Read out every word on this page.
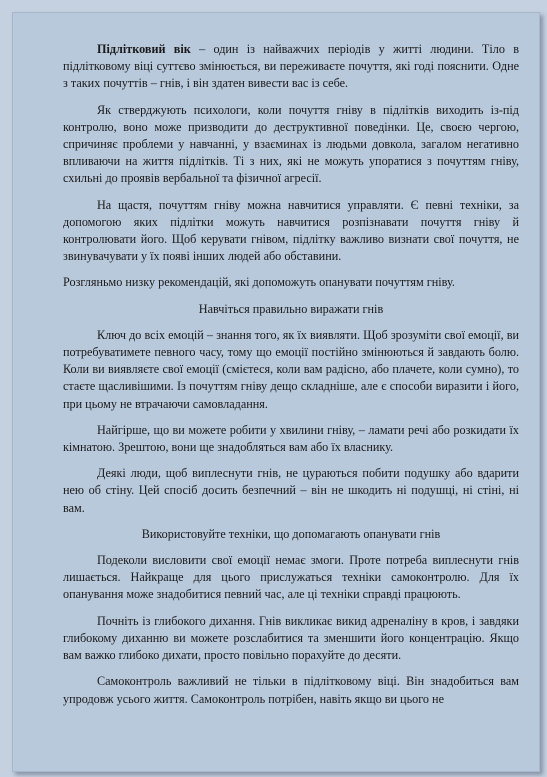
Підлітковий вік – один із найважчих періодів у житті людини. Тіло в підлітковому віці суттєво змінюється, ви переживаєте почуття, які годі пояснити. Одне з таких почуттів – гнів, і він здатен вивести вас із себе.

Як стверджують психологи, коли почуття гніву в підлітків виходить із-під контролю, воно може призводити до деструктивної поведінки. Це, своєю чергою, спричиняє проблеми у навчанні, у взаєминах із людьми довкола, загалом негативно впливаючи на життя підлітків. Ті з них, які не можуть упоратися з почуттям гніву, схильні до проявів вербальної та фізичної агресії.

На щастя, почуттям гніву можна навчитися управляти. Є певні техніки, за допомогою яких підлітки можуть навчитися розпізнавати почуття гніву й контролювати його. Щоб керувати гнівом, підлітку важливо визнати свої почуття, не звинувачувати у їх появі інших людей або обставини.

Розгляньмо низку рекомендацій, які допоможуть опанувати почуттям гніву.

Навчіться правильно виражати гнів

Ключ до всіх емоцій – знання того, як їх виявляти. Щоб зрозуміти свої емоції, ви потребуватимете певного часу, тому що емоції постійно змінюються й завдають болю. Коли ви виявляєте свої емоції (смієтеся, коли вам радісно, або плачете, коли сумно), то стаєте щасливішими. Із почуттям гніву дещо складніше, але є способи виразити і його, при цьому не втрачаючи самовладання.

Найгірше, що ви можете робити у хвилини гніву, – ламати речі або розкидати їх кімнатою. Зрештою, вони ще знадобляться вам або їх власнику.

Деякі люди, щоб виплеснути гнів, не цураються побити подушку або вдарити нею об стіну. Цей спосіб досить безпечний – він не шкодить ні подушці, ні стіні, ні вам.

Використовуйте техніки, що допомагають опанувати гнів

Подеколи висловити свої емоції немає змоги. Проте потреба виплеснути гнів лишається. Найкраще для цього прислужаться техніки самоконтролю. Для їх опанування може знадобитися певний час, але ці техніки справді працюють.

Почніть із глибокого дихання. Гнів викликає викид адреналіну в кров, і завдяки глибокому диханню ви можете розслабитися та зменшити його концентрацію. Якщо вам важко глибоко дихати, просто повільно порахуйте до десяти.

Самоконтроль важливий не тільки в підлітковому віці. Він знадобиться вам упродовж усього життя. Самоконтроль потрібен, навіть якщо ви цього не
